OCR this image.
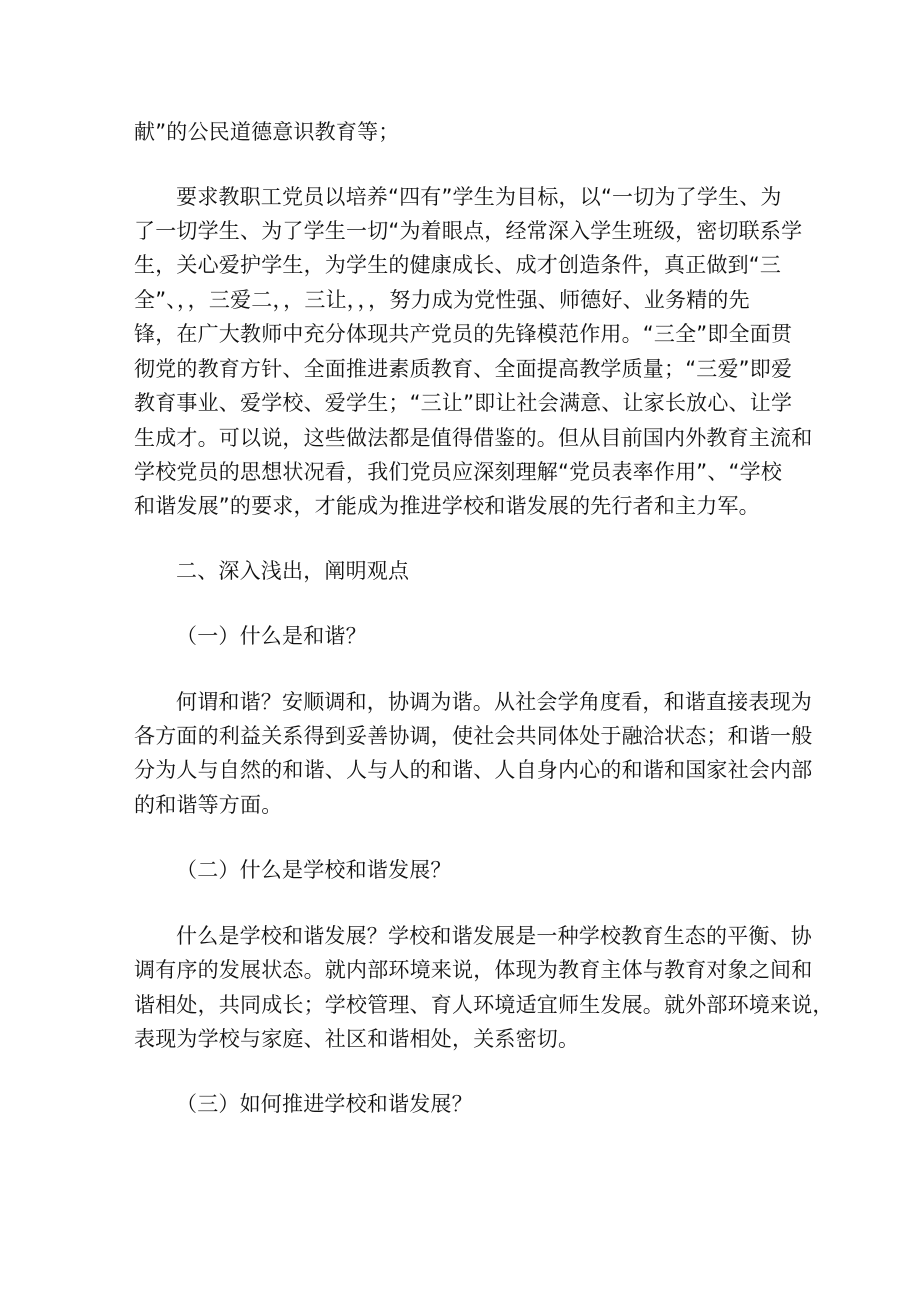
献”的公民道德意识教育等；
要求教职工党员以培养“四有”学生为目标，以“一切为了学生、为
了一切学生、为了学生一切“为着眼点，经常深入学生班级，密切联系学
生，关心爱护学生，为学生的健康成长、成才创造条件，真正做到“三
全”、，，三爱二，，三让，，，努力成为党性强、师德好、业务精的先
锋，在广大教师中充分体现共产党员的先锋模范作用。“三全”即全面贯
彻党的教育方针、全面推进素质教育、全面提高教学质量；“三爱”即爱
教育事业、爱学校、爱学生；“三让”即让社会满意、让家长放心、让学
生成才。可以说，这些做法都是值得借鉴的。但从目前国内外教育主流和
学校党员的思想状况看，我们党员应深刻理解“党员表率作用”、“学校
和谐发展”的要求，才能成为推进学校和谐发展的先行者和主力军。
二、深入浅出，阐明观点
（一）什么是和谐？
何谓和谐？安顺调和，协调为谐。从社会学角度看，和谐直接表现为
各方面的利益关系得到妥善协调，使社会共同体处于融洽状态；和谐一般
分为人与自然的和谐、人与人的和谐、人自身内心的和谐和国家社会内部
的和谐等方面。
（二）什么是学校和谐发展？
什么是学校和谐发展？学校和谐发展是一种学校教育生态的平衡、协
调有序的发展状态。就内部环境来说，体现为教育主体与教育对象之间和
谐相处，共同成长；学校管理、育人环境适宜师生发展。就外部环境来说，
表现为学校与家庭、社区和谐相处，关系密切。
（三）如何推进学校和谐发展？
